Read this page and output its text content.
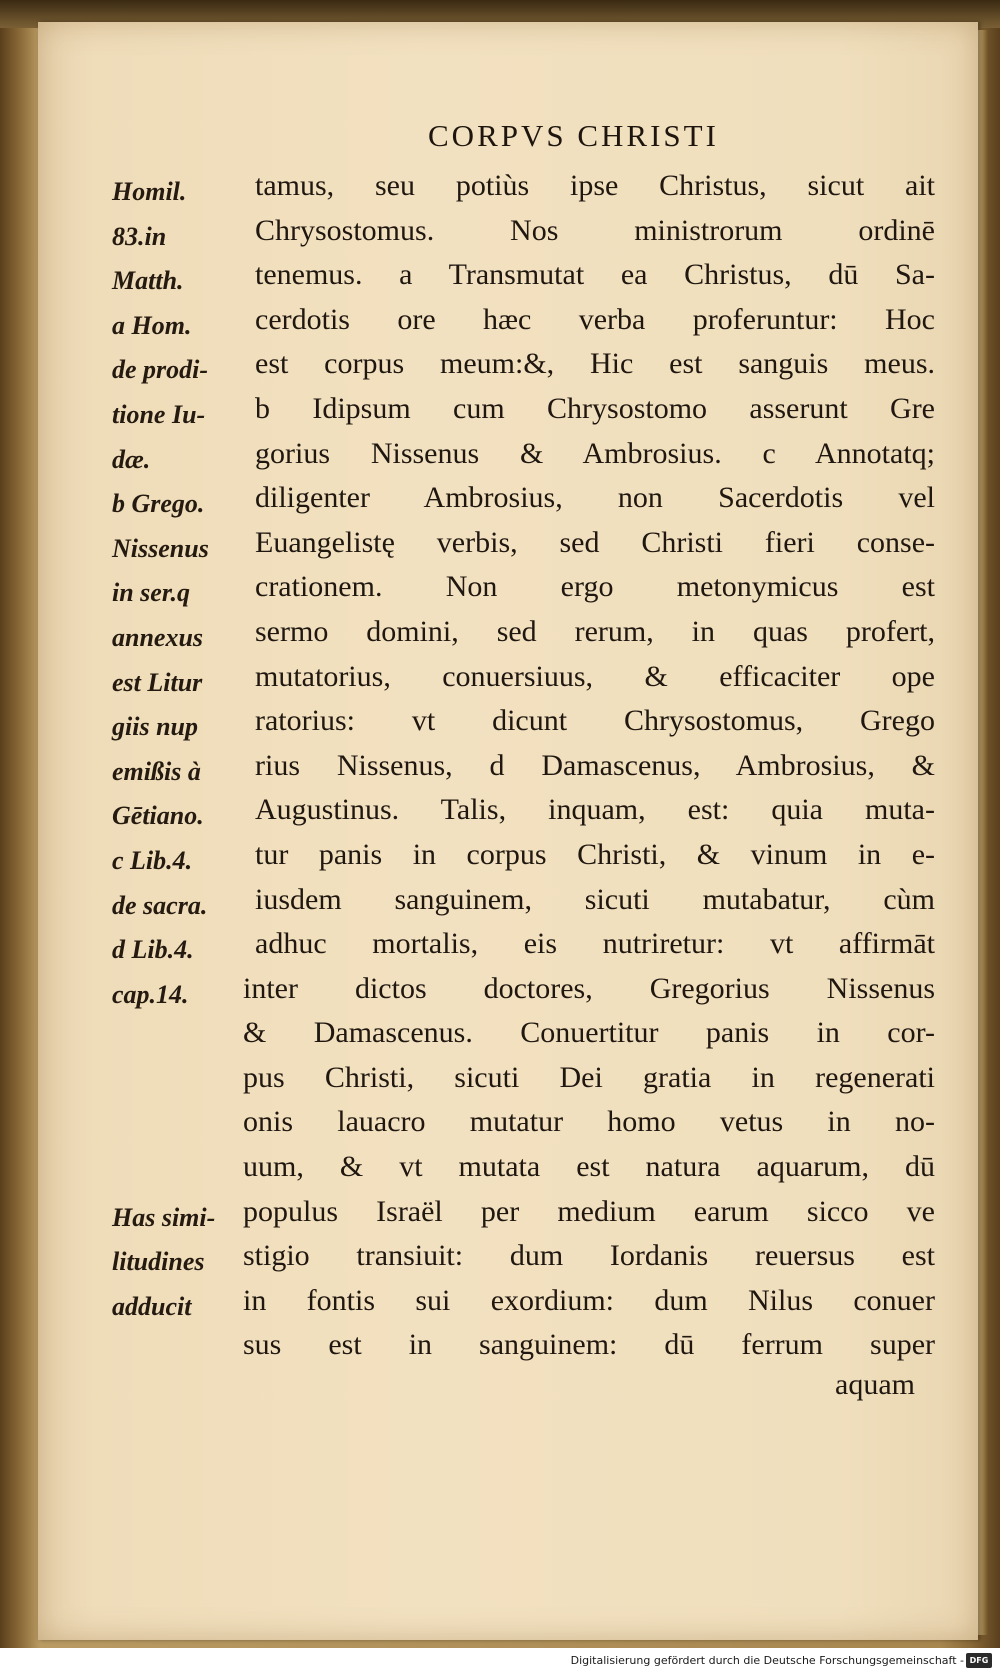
CORPVS CHRISTI
Homil.
83.in
Matth.
a Hom.
de prodi-
tione Iu-
dæ.
b Grego.
Nissenus
in ser.q
annexus
est Litur
giis nup
emißis à
Gētiano.
c Lib.4.
de sacra.
d Lib.4.
cap.14.
Has simi-
litudines
adducit
tamus, seu potiùs ipse Christus, sicut ait
Chrysostomus. Nos ministrorum ordinē
tenemus. a Transmutat ea Christus, dū Sa-
cerdotis ore hæc verba proferuntur: Hoc
est corpus meum:&, Hic est sanguis meus.
b Idipsum cum Chrysostomo asserunt Gre
gorius Nissenus & Ambrosius. c Annotatq;
diligenter Ambrosius, non Sacerdotis vel
Euangelistę verbis, sed Christi fieri conse-
crationem. Non ergo metonymicus est
sermo domini, sed rerum, in quas profert,
mutatorius, conuersiuus, & efficaciter ope
ratorius: vt dicunt Chrysostomus, Grego
rius Nissenus, d Damascenus, Ambrosius, &
Augustinus. Talis, inquam, est: quia muta-
tur panis in corpus Christi, & vinum in e-
iusdem sanguinem, sicuti mutabatur, cùm
adhuc mortalis, eis nutriretur: vt affirmāt
inter dictos doctores, Gregorius Nissenus
& Damascenus. Conuertitur panis in cor-
pus Christi, sicuti Dei gratia in regenerati
onis lauacro mutatur homo vetus in no-
uum, & vt mutata est natura aquarum, dū
populus Israël per medium earum sicco ve
stigio transiuit: dum Iordanis reuersus est
in fontis sui exordium: dum Nilus conuer
sus est in sanguinem: dū ferrum super
aquam
Digitalisierung gefördert durch die Deutsche Forschungsgemeinschaft - DFG
